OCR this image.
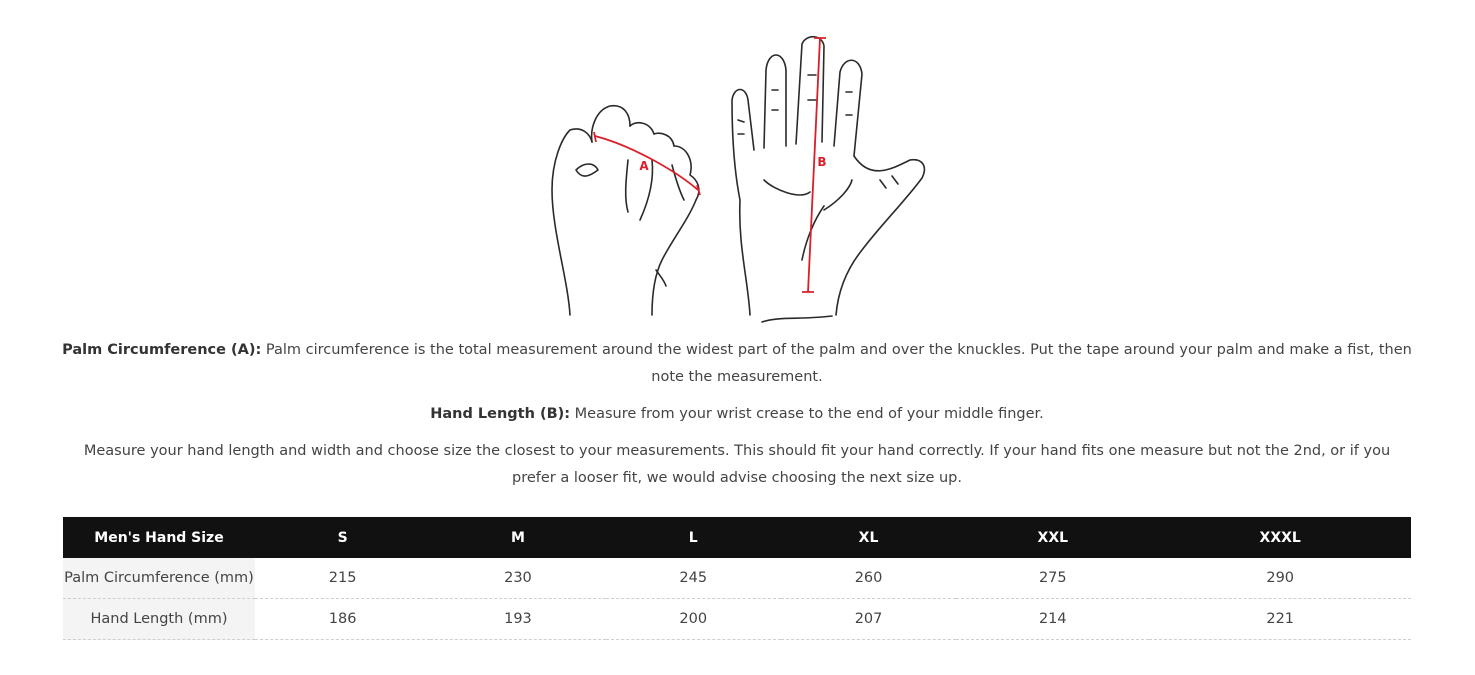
A	B

Palm Circumference (A): Palm circumference is the total measurement around the widest part of the palm and over the knuckles. Put the tape around your palm and make a fist, then note the measurement.

Hand Length (B): Measure from your wrist crease to the end of your middle finger.

Measure your hand length and width and choose size the closest to your measurements. This should fit your hand correctly. If your hand fits one measure but not the 2nd, or if you prefer a looser fit, we would advise choosing the next size up.

Men's Hand Size	S	M	L	XL	XXL	XXXL
Palm Circumference (mm)	215	230	245	260	275	290
Hand Length (mm)	186	193	200	207	214	221
